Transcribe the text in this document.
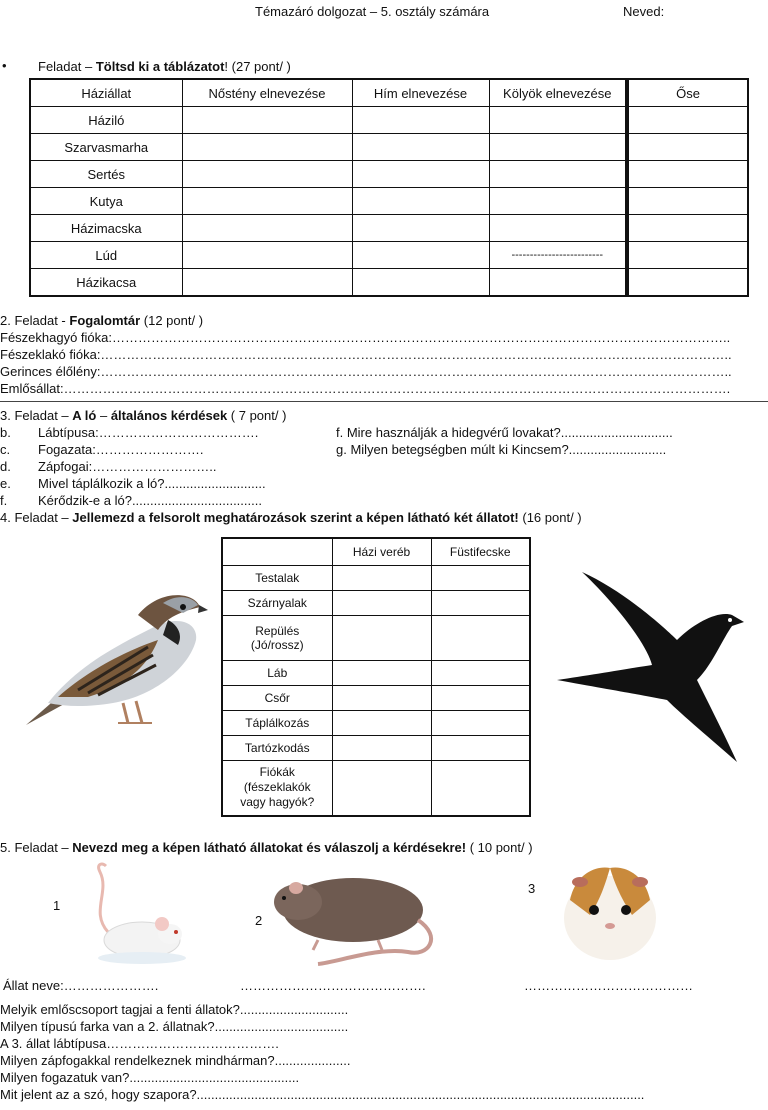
Témazáró dolgozat – 5. osztály számára	Neved:
• Feladat – Töltsd ki a táblázatot! (27 pont/ )
Háziállat	Nőstény elnevezése	Hím elnevezése	Kölyök elnevezése	Őse
Háziló				
Szarvasmarha				
Sertés				
Kutya				
Házimacska				
Lúd			-------------------------	
Házikacsa				
2. Feladat - Fogalomtár (12 pont/ )
Fészekhagyó fióka:……………………………………………………………………………………………………………………………..
Fészeklakó fióka:………………………………………………………………………………………………………………………………..
Gerinces élőlény:………………………………………………………………………………………………………………………………..
Emlősállat:……………………………………………………………………………………………………………………………………….
3. Feladat – A ló – általános kérdések ( 7 pont/ )
b. Lábtípusa:……………………………….
c. Fogazata:…………………….
d. Zápfogai:………………………..
e. Mivel táplálkozik a ló?............................
f. Kérődzik-e a ló?....................................
f. Mire használják a hidegvérű lovakat?...............................
g. Milyen betegségben múlt ki Kincsem?...........................
4. Feladat – Jellemezd a felsorolt meghatározások szerint a képen látható két állatot! (16 pont/ )
	Házi veréb	Füstifecske
Testalak		
Szárnyalak		
Repülés (Jó/rossz)		
Láb		
Csőr		
Táplálkozás		
Tartózkodás		
Fiókák (fészeklakók vagy hagyók?		
5. Feladat – Nevezd meg a képen látható állatokat és válaszolj a kérdésekre! ( 10 pont/ )
1
2
3
Állat neve:………………….	…………………………………….	…………………………………
Melyik emlőscsoport tagjai a fenti állatok?..............................
Milyen típusú farka van a 2. állatnak?.....................................
A 3. állat lábtípusa………………………………….
Milyen zápfogakkal rendelkeznek mindhárman?.....................
Milyen fogazatuk van?...............................................
Mit jelent az a szó, hogy szapora?............................................................................................................................
